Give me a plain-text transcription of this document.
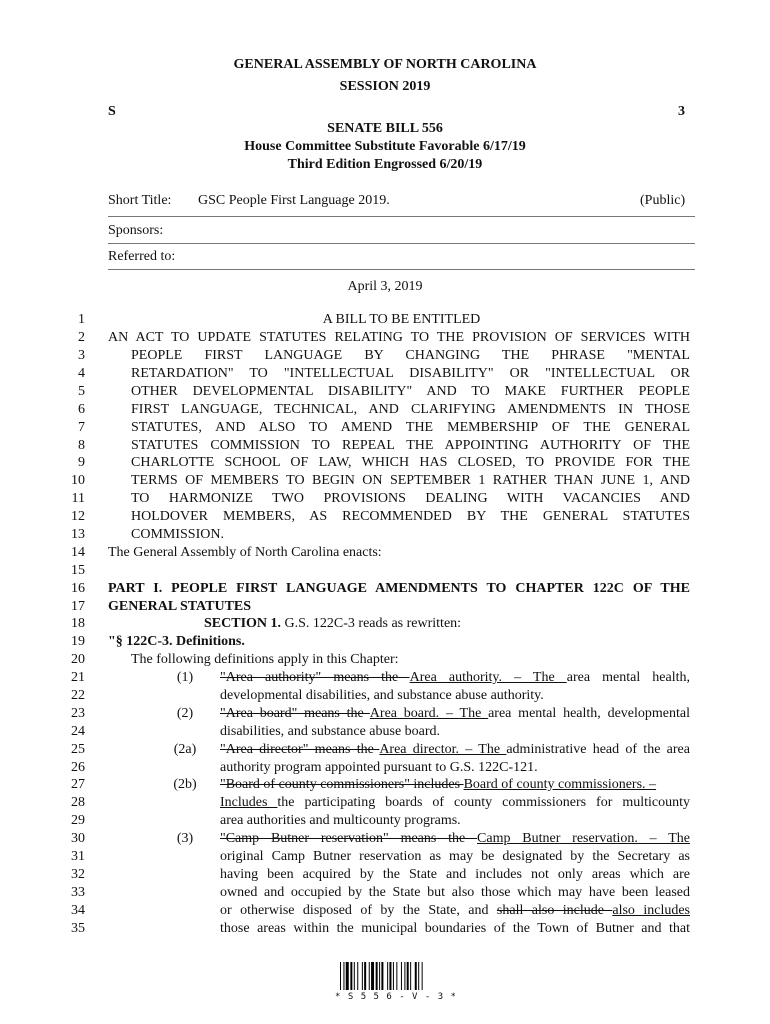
GENERAL ASSEMBLY OF NORTH CAROLINA
SESSION 2019
S	3
SENATE BILL 556
House Committee Substitute Favorable 6/17/19
Third Edition Engrossed 6/20/19
Short Title: GSC People First Language 2019.	(Public)
Sponsors:
Referred to:
April 3, 2019
1
2
3
4
5
6
7
8
9
10
11
12
13
14
15
16
17
18
19
20
21
22
23
24
25
26
27
28
29
30
31
32
33
34
35
A BILL TO BE ENTITLED
AN ACT TO UPDATE STATUTES RELATING TO THE PROVISION OF SERVICES WITH
PEOPLE FIRST LANGUAGE BY CHANGING THE PHRASE "MENTAL
RETARDATION" TO "INTELLECTUAL DISABILITY" OR "INTELLECTUAL OR
OTHER DEVELOPMENTAL DISABILITY" AND TO MAKE FURTHER PEOPLE
FIRST LANGUAGE, TECHNICAL, AND CLARIFYING AMENDMENTS IN THOSE
STATUTES, AND ALSO TO AMEND THE MEMBERSHIP OF THE GENERAL
STATUTES COMMISSION TO REPEAL THE APPOINTING AUTHORITY OF THE
CHARLOTTE SCHOOL OF LAW, WHICH HAS CLOSED, TO PROVIDE FOR THE
TERMS OF MEMBERS TO BEGIN ON SEPTEMBER 1 RATHER THAN JUNE 1, AND
TO HARMONIZE TWO PROVISIONS DEALING WITH VACANCIES AND
HOLDOVER MEMBERS, AS RECOMMENDED BY THE GENERAL STATUTES
COMMISSION.
The General Assembly of North Carolina enacts:
PART I. PEOPLE FIRST LANGUAGE AMENDMENTS TO CHAPTER 122C OF THE
GENERAL STATUTES
SECTION 1. G.S. 122C-3 reads as rewritten:
"§ 122C-3. Definitions.
The following definitions apply in this Chapter:
(1) "Area authority" means the Area authority. – The area mental health,
developmental disabilities, and substance abuse authority.
(2) "Area board" means the Area board. – The area mental health, developmental
disabilities, and substance abuse board.
(2a) "Area director" means the Area director. – The administrative head of the area
authority program appointed pursuant to G.S. 122C-121.
(2b) "Board of county commissioners" includes Board of county commissioners. –
Includes the participating boards of county commissioners for multicounty
area authorities and multicounty programs.
(3) "Camp Butner reservation" means the Camp Butner reservation. – The
original Camp Butner reservation as may be designated by the Secretary as
having been acquired by the State and includes not only areas which are
owned and occupied by the State but also those which may have been leased
or otherwise disposed of by the State, and shall also include also includes
those areas within the municipal boundaries of the Town of Butner and that
* S 5 5 6 - V - 3 *
